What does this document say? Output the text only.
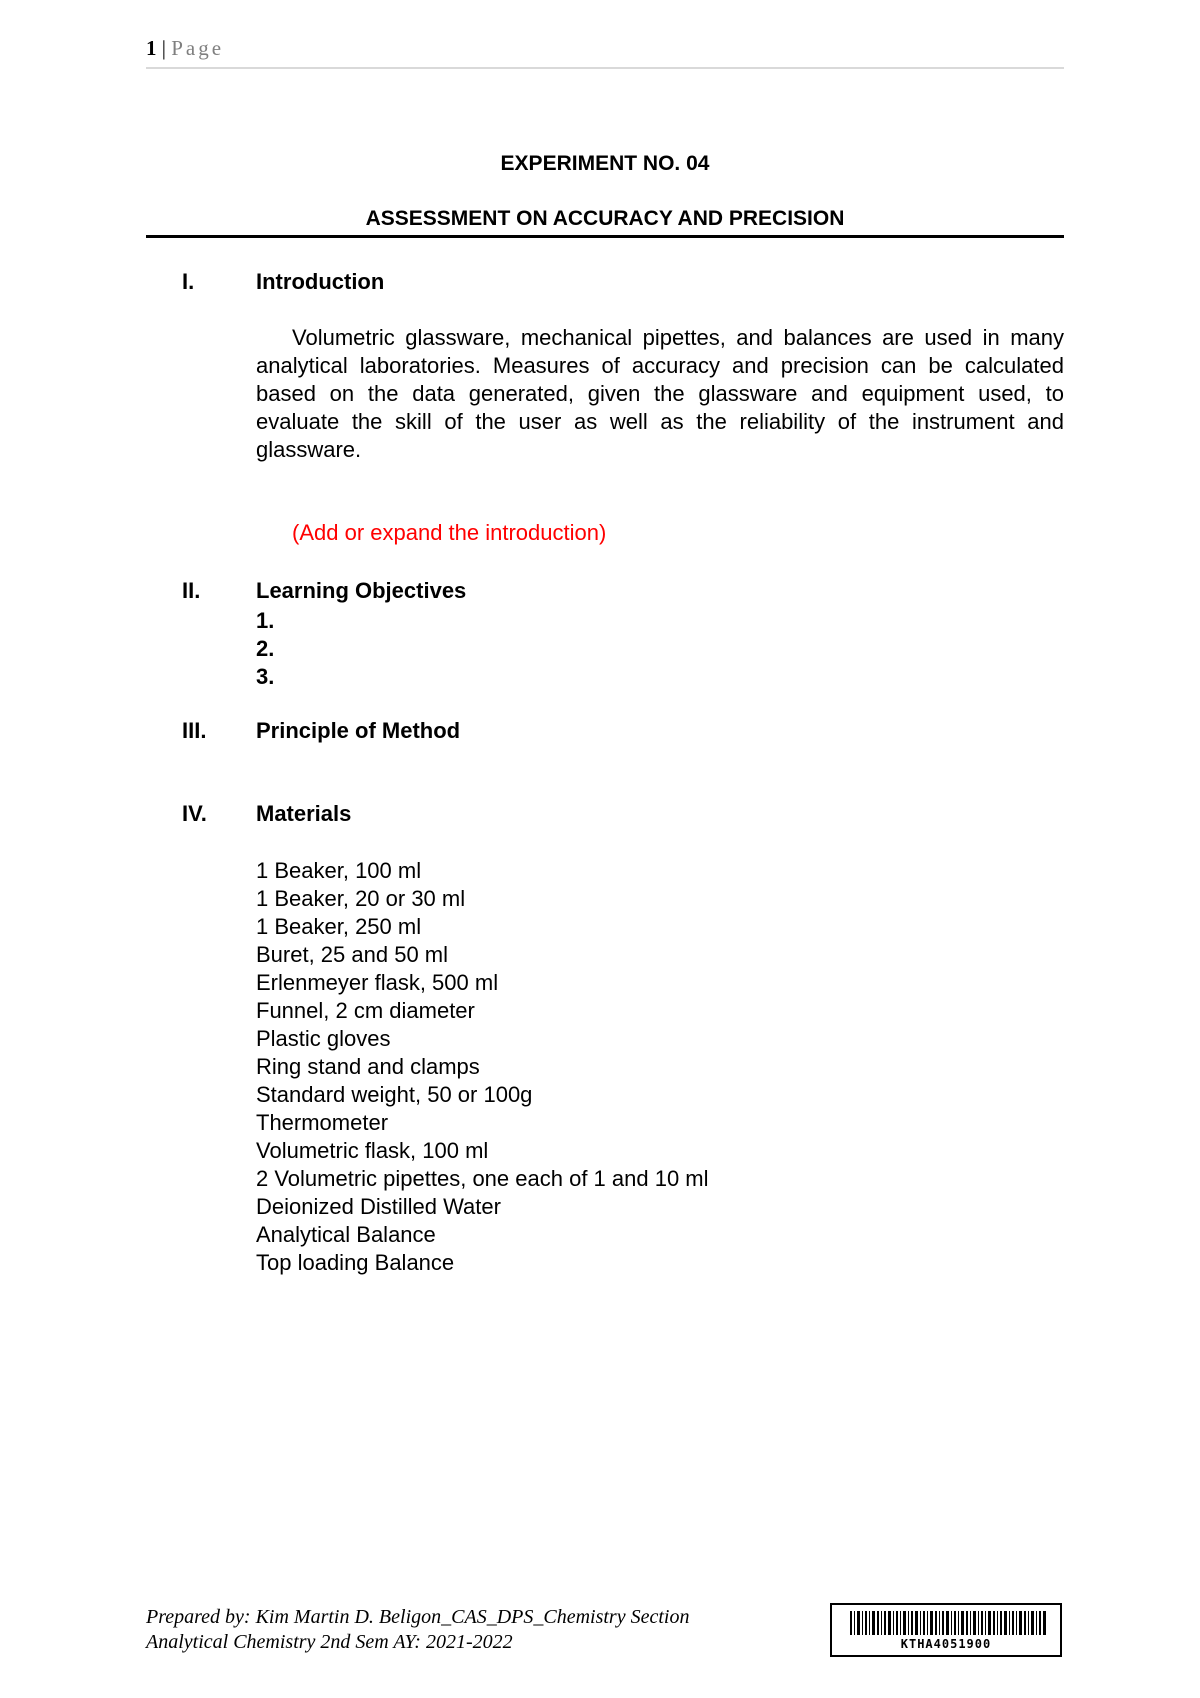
1 | Page
EXPERIMENT NO. 04
ASSESSMENT ON ACCURACY AND PRECISION
I.	Introduction
Volumetric glassware, mechanical pipettes, and balances are used in many analytical laboratories. Measures of accuracy and precision can be calculated based on the data generated, given the glassware and equipment used, to evaluate the skill of the user as well as the reliability of the instrument and glassware.
(Add or expand the introduction)
II.	Learning Objectives
1.
2.
3.
III. Principle of Method
IV. Materials
1 Beaker, 100 ml
1 Beaker, 20 or 30 ml
1 Beaker, 250 ml
Buret, 25 and 50 ml
Erlenmeyer flask, 500 ml
Funnel, 2 cm diameter
Plastic gloves
Ring stand and clamps
Standard weight, 50 or 100g
Thermometer
Volumetric flask, 100 ml
2 Volumetric pipettes, one each of 1 and 10 ml
Deionized Distilled Water
Analytical Balance
Top loading Balance
Prepared by: Kim Martin D. Beligon_CAS_DPS_Chemistry Section
Analytical Chemistry 2nd Sem AY: 2021-2022	KTHA4051900
